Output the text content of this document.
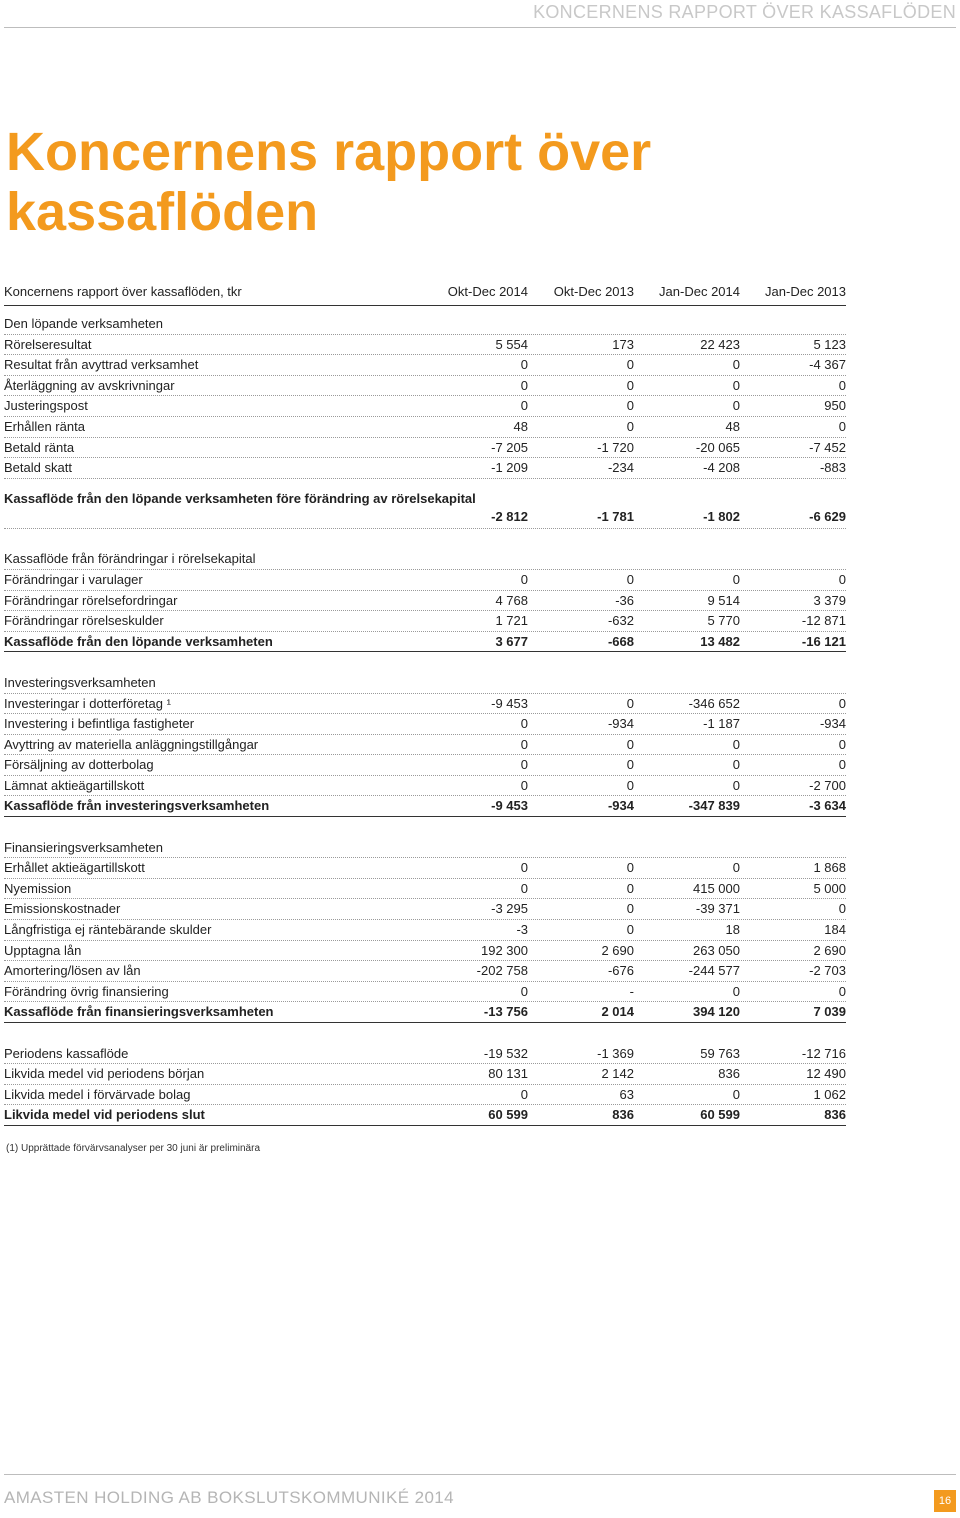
KONCERNENS RAPPORT ÖVER KASSAFLÖDEN
Koncernens rapport över kassaflöden
Koncernens rapport över kassaflöden, tkr	Okt-Dec 2014	Okt-Dec 2013	Jan-Dec 2014	Jan-Dec 2013
Den löpande verksamheten
Rörelseresultat	5 554	173	22 423	5 123
Resultat från avyttrad verksamhet	0	0	0	-4 367
Återläggning av avskrivningar	0	0	0	0
Justeringspost	0	0	0	950
Erhållen ränta	48	0	48	0
Betald ränta	-7 205	-1 720	-20 065	-7 452
Betald skatt	-1 209	-234	-4 208	-883
Kassaflöde från den löpande verksamheten före förändring av rörelsekapital
-2 812	-1 781	-1 802	-6 629
Kassaflöde från förändringar i rörelsekapital
Förändringar i varulager	0	0	0	0
Förändringar rörelsefordringar	4 768	-36	9 514	3 379
Förändringar rörelseskulder	1 721	-632	5 770	-12 871
Kassaflöde från den löpande verksamheten	3 677	-668	13 482	-16 121
Investeringsverksamheten
Investeringar i dotterföretag ¹	-9 453	0	-346 652	0
Investering i befintliga fastigheter	0	-934	-1 187	-934
Avyttring av materiella anläggningstillgångar	0	0	0	0
Försäljning av dotterbolag	0	0	0	0
Lämnat aktieägartillskott	0	0	0	-2 700
Kassaflöde från investeringsverksamheten	-9 453	-934	-347 839	-3 634
Finansieringsverksamheten
Erhållet aktieägartillskott	0	0	0	1 868
Nyemission	0	0	415 000	5 000
Emissionskostnader	-3 295	0	-39 371	0
Långfristiga ej räntebärande skulder	-3	0	18	184
Upptagna lån	192 300	2 690	263 050	2 690
Amortering/lösen av lån	-202 758	-676	-244 577	-2 703
Förändring övrig finansiering	0	-	0	0
Kassaflöde från finansieringsverksamheten	-13 756	2 014	394 120	7 039
Periodens kassaflöde	-19 532	-1 369	59 763	-12 716
Likvida medel vid periodens början	80 131	2 142	836	12 490
Likvida medel i förvärvade bolag	0	63	0	1 062
Likvida medel vid periodens slut	60 599	836	60 599	836
(1) Upprättade förvärvsanalyser per 30 juni är preliminära
AMASTEN HOLDING AB BOKSLUTSKOMMUNIKÉ 2014	16
